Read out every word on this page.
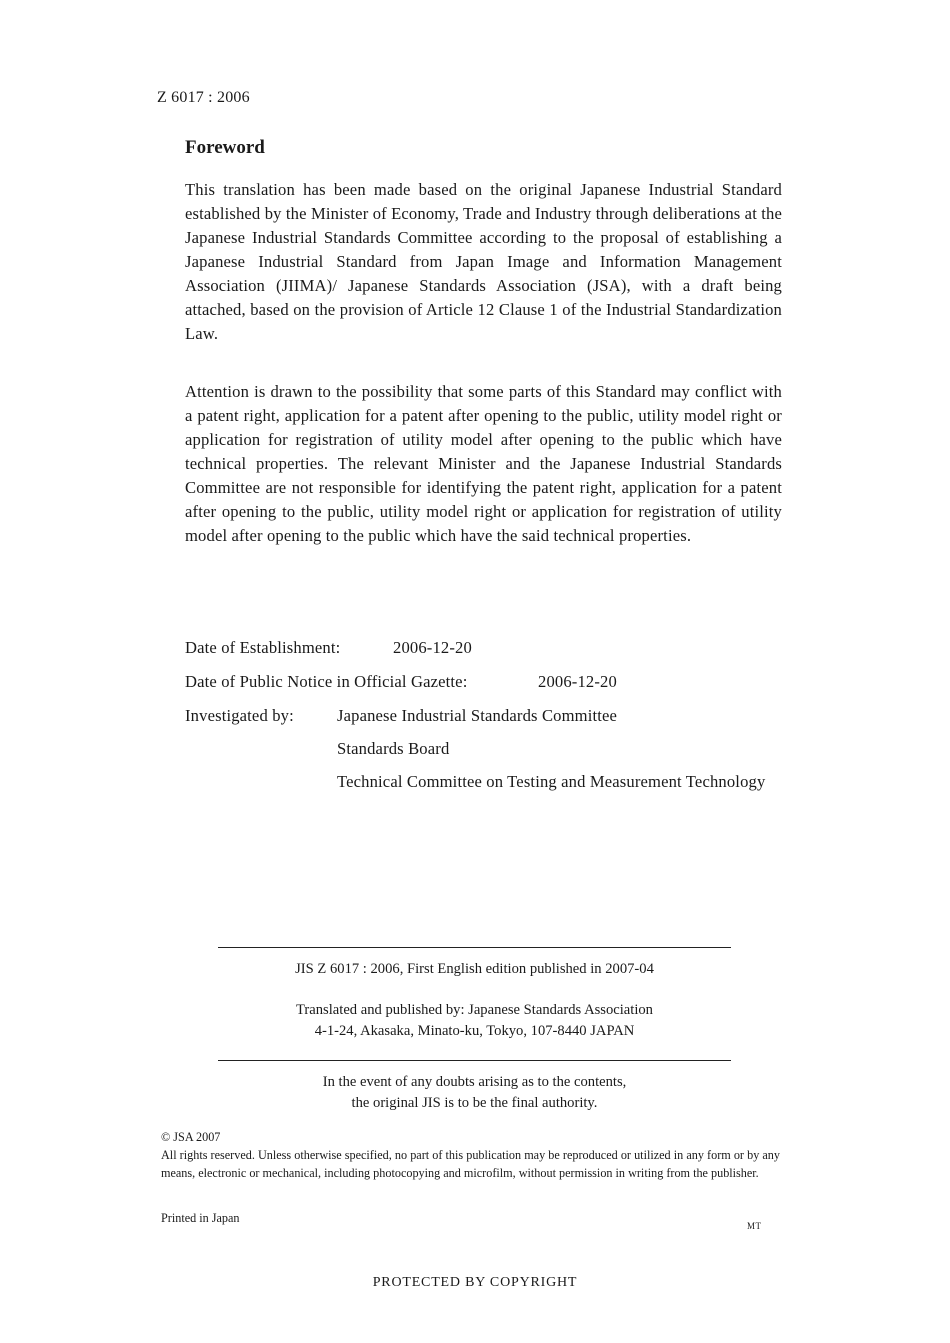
Z 6017 : 2006
Foreword
This translation has been made based on the original Japanese Industrial Standard established by the Minister of Economy, Trade and Industry through deliberations at the Japanese Industrial Standards Committee according to the proposal of establishing a Japanese Industrial Standard from Japan Image and Information Management Association (JIIMA)/ Japanese Standards Association (JSA), with a draft being attached, based on the provision of Article 12 Clause 1 of the Industrial Standardization Law.
Attention is drawn to the possibility that some parts of this Standard may conflict with a patent right, application for a patent after opening to the public, utility model right or application for registration of utility model after opening to the public which have technical properties. The relevant Minister and the Japanese Industrial Standards Committee are not responsible for identifying the patent right, application for a patent after opening to the public, utility model right or application for registration of utility model after opening to the public which have the said technical properties.
Date of Establishment:	2006-12-20
Date of Public Notice in Official Gazette:	2006-12-20
Investigated by:	Japanese Industrial Standards Committee
Standards Board
Technical Committee on Testing and Measurement Technology
JIS Z 6017 : 2006, First English edition published in 2007-04
Translated and published by: Japanese Standards Association
4-1-24, Akasaka, Minato-ku, Tokyo, 107-8440 JAPAN
In the event of any doubts arising as to the contents,
the original JIS is to be the final authority.
© JSA 2007
All rights reserved. Unless otherwise specified, no part of this publication may be reproduced or utilized in any form or by any means, electronic or mechanical, including photocopying and microfilm, without permission in writing from the publisher.
Printed in Japan
MT
PROTECTED BY COPYRIGHT
